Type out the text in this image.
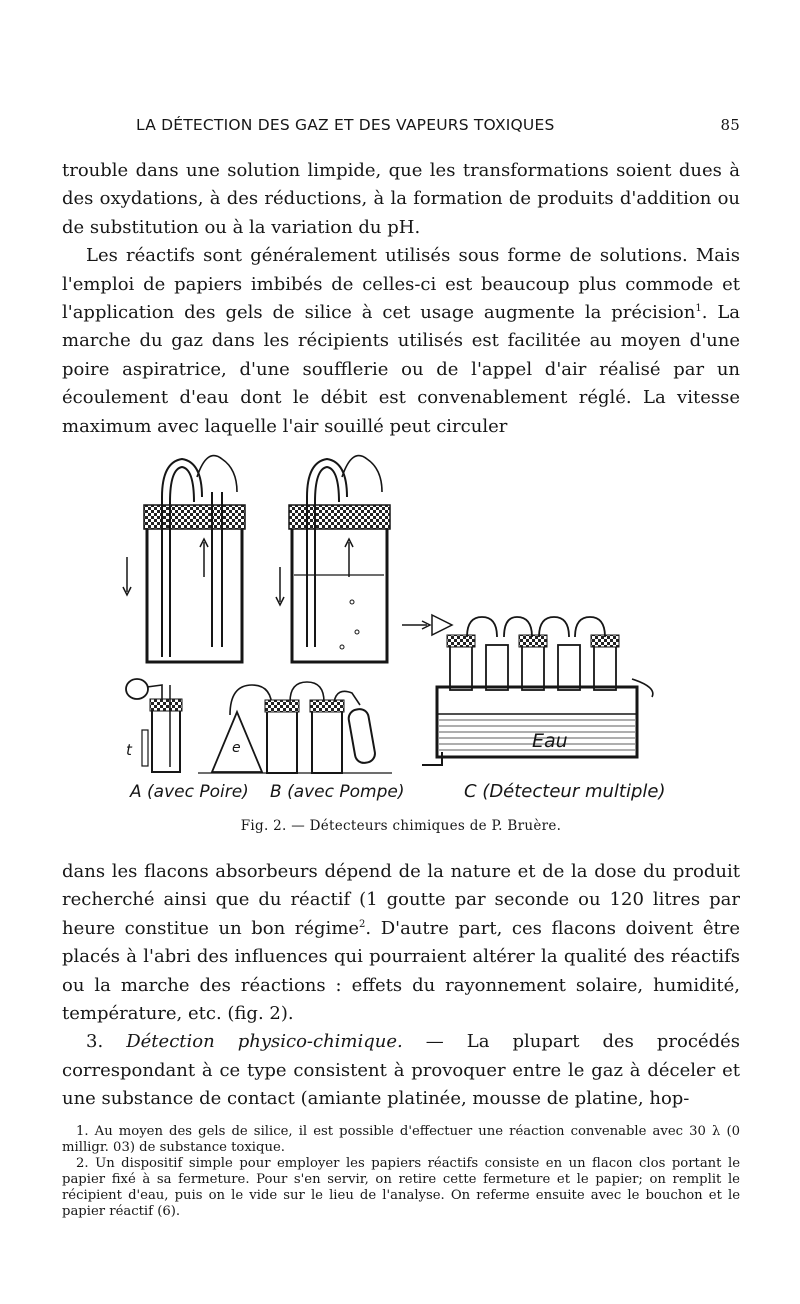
LA DÉTECTION DES GAZ ET DES VAPEURS TOXIQUES	85

trouble dans une solution limpide, que les transformations soient dues à des oxydations, à des réductions, à la formation de produits d'addition ou de substitution ou à la variation du pH.

Les réactifs sont généralement utilisés sous forme de solutions. Mais l'emploi de papiers imbibés de celles-ci est beaucoup plus commode et l'application des gels de silice à cet usage augmente la précision$^1$. La marche du gaz dans les récipients utilisés est facilitée au moyen d'une poire aspiratrice, d'une soufflerie ou de l'appel d'air réalisé par un écoulement d'eau dont le débit est convenablement réglé. La vitesse maximum avec laquelle l'air souillé peut circuler

e
t	Eau
A (avec Poire) B (avec Pompe)	C (Détecteur multiple)
Fig. 2. — Détecteurs chimiques de P. Bruère.

dans les flacons absorbeurs dépend de la nature et de la dose du produit recherché ainsi que du réactif (1 goutte par seconde ou 120 litres par heure constitue un bon régime$^2$. D'autre part, ces flacons doivent être placés à l'abri des influences qui pourraient altérer la qualité des réactifs ou la marche des réactions : effets du rayonnement solaire, humidité, température, etc. (fig. 2).

3. Détection physico-chimique. — La plupart des procédés correspondant à ce type consistent à provoquer entre le gaz à déceler et une substance de contact (amiante platinée, mousse de platine, hop-

1. Au moyen des gels de silice, il est possible d'effectuer une réaction convenable avec 30 λ (0 milligr. 03) de substance toxique.

2. Un dispositif simple pour employer les papiers réactifs consiste en un flacon clos portant le papier fixé à sa fermeture. Pour s'en servir, on retire cette fermeture et le papier; on remplit le récipient d'eau, puis on le vide sur le lieu de l'analyse. On referme ensuite avec le bouchon et le papier réactif (6).
